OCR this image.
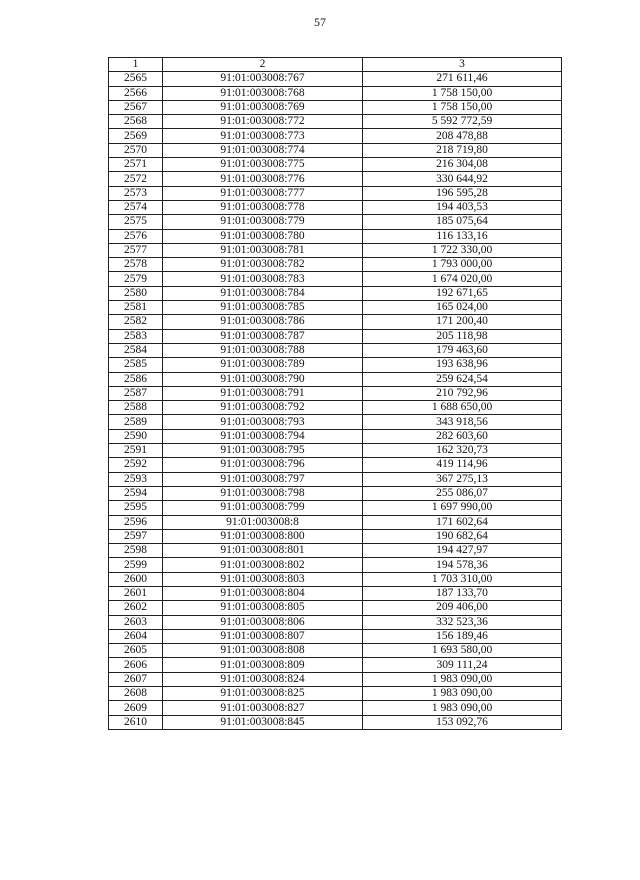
57
1	2	3
2565	91:01:003008:767	271 611,46
2566	91:01:003008:768	1 758 150,00
2567	91:01:003008:769	1 758 150,00
2568	91:01:003008:772	5 592 772,59
2569	91:01:003008:773	208 478,88
2570	91:01:003008:774	218 719,80
2571	91:01:003008:775	216 304,08
2572	91:01:003008:776	330 644,92
2573	91:01:003008:777	196 595,28
2574	91:01:003008:778	194 403,53
2575	91:01:003008:779	185 075,64
2576	91:01:003008:780	116 133,16
2577	91:01:003008:781	1 722 330,00
2578	91:01:003008:782	1 793 000,00
2579	91:01:003008:783	1 674 020,00
2580	91:01:003008:784	192 671,65
2581	91:01:003008:785	165 024,00
2582	91:01:003008:786	171 200,40
2583	91:01:003008:787	205 118,98
2584	91:01:003008:788	179 463,60
2585	91:01:003008:789	193 638,96
2586	91:01:003008:790	259 624,54
2587	91:01:003008:791	210 792,96
2588	91:01:003008:792	1 688 650,00
2589	91:01:003008:793	343 918,56
2590	91:01:003008:794	282 603,60
2591	91:01:003008:795	162 320,73
2592	91:01:003008:796	419 114,96
2593	91:01:003008:797	367 275,13
2594	91:01:003008:798	255 086,07
2595	91:01:003008:799	1 697 990,00
2596	91:01:003008:8	171 602,64
2597	91:01:003008:800	190 682,64
2598	91:01:003008:801	194 427,97
2599	91:01:003008:802	194 578,36
2600	91:01:003008:803	1 703 310,00
2601	91:01:003008:804	187 133,70
2602	91:01:003008:805	209 406,00
2603	91:01:003008:806	332 523,36
2604	91:01:003008:807	156 189,46
2605	91:01:003008:808	1 693 580,00
2606	91:01:003008:809	309 111,24
2607	91:01:003008:824	1 983 090,00
2608	91:01:003008:825	1 983 090,00
2609	91:01:003008:827	1 983 090,00
2610	91:01:003008:845	153 092,76
